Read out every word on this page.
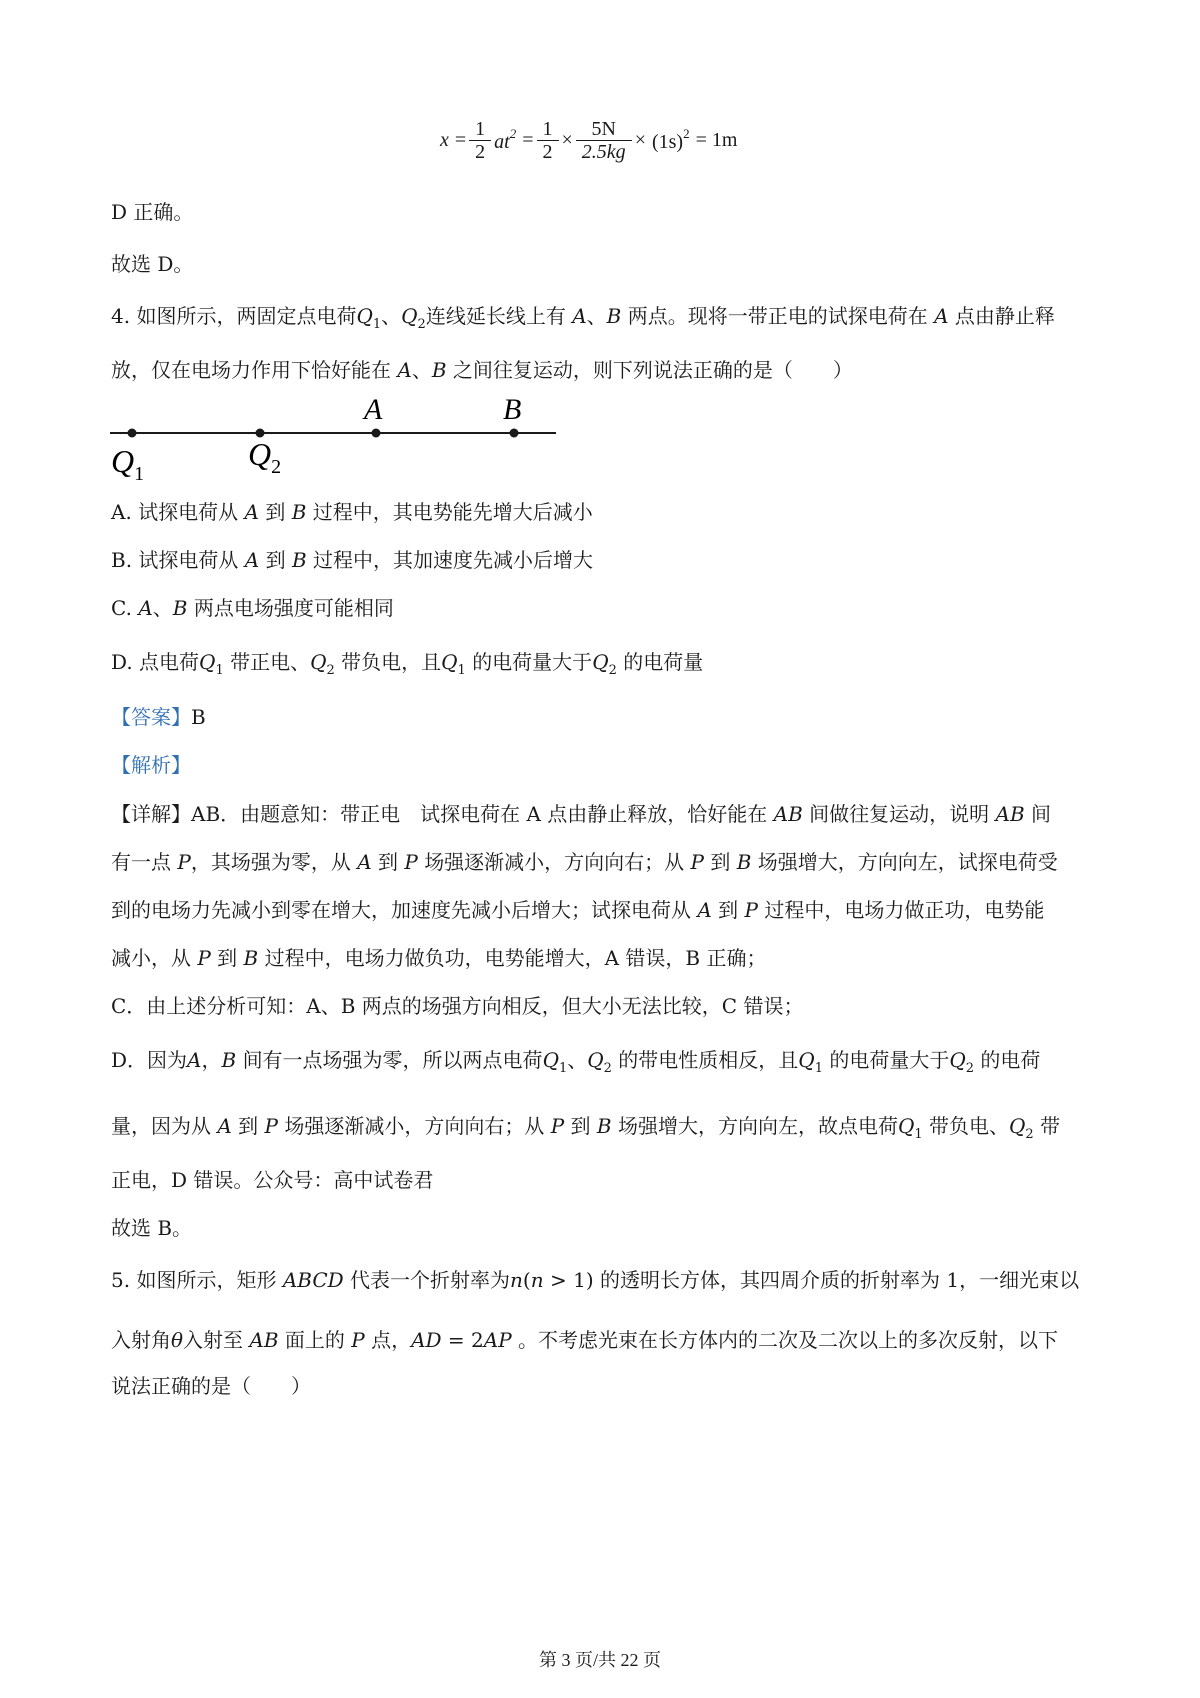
$x = \frac{1}{2} at^2 = \frac{1}{2} \times \frac{5N}{2.5kg} \times (1s)^2 = 1m$
D 正确。
故选 D。
4. 如图所示，两固定点电荷$Q_1$、$Q_2$连线延长线上有 A、B 两点。现将一带正电的试探电荷在 A 点由静止释
放，仅在电场力作用下恰好能在 A、B 之间往复运动，则下列说法正确的是（　　）
A	B
$Q_1$
$Q_2$
A. 试探电荷从 A 到 B 过程中，其电势能先增大后减小
B. 试探电荷从 A 到 B 过程中，其加速度先减小后增大
C. A、B 两点电场强度可能相同
D. 点电荷$Q_1$ 带正电、$Q_2$ 带负电，且$Q_1$ 的电荷量大于$Q_2$ 的电荷量
【答案】B
【解析】
【详解】AB．由题意知：带正电　试探电荷在 A 点由静止释放，恰好能在 AB 间做往复运动，说明 AB 间
有一点 P，其场强为零，从 A 到 P 场强逐渐减小，方向向右；从 P 到 B 场强增大，方向向左，试探电荷受
到的电场力先减小到零在增大，加速度先减小后增大；试探电荷从 A 到 P 过程中，电场力做正功，电势能
减小，从 P 到 B 过程中，电场力做负功，电势能增大，A 错误，B 正确；
C．由上述分析可知：A、B 两点的场强方向相反，但大小无法比较，C 错误；
D．因为A，B 间有一点场强为零，所以两点电荷$Q_1$、$Q_2$ 的带电性质相反，且$Q_1$ 的电荷量大于$Q_2$ 的电荷
量，因为从 A 到 P 场强逐渐减小，方向向右；从 P 到 B 场强增大，方向向左，故点电荷$Q_1$ 带负电、$Q_2$ 带
正电，D 错误。公众号：高中试卷君
故选 B。
5. 如图所示，矩形 ABCD 代表一个折射率为n(n > 1) 的透明长方体，其四周介质的折射率为 1，一细光束以
入射角θ入射至 AB 面上的 P 点，AD = 2AP 。不考虑光束在长方体内的二次及二次以上的多次反射，以下
说法正确的是（　　）
第 3 页/共 22 页
